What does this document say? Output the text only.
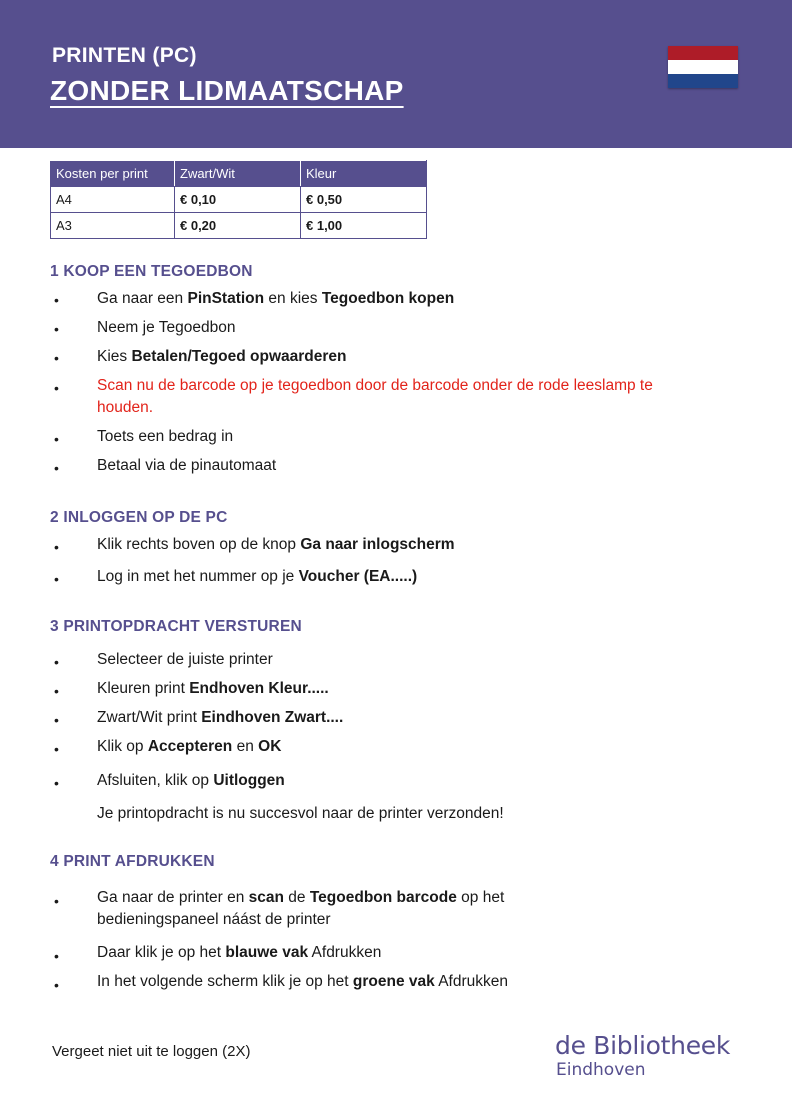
PRINTEN (PC)
ZONDER LIDMAATSCHAP
Kosten per print	Zwart/Wit	Kleur
A4	€ 0,10	€ 0,50
A3	€ 0,20	€ 1,00
1 KOOP EEN TEGOEDBON
• Ga naar een PinStation en kies Tegoedbon kopen

• Neem je Tegoedbon

• Kies Betalen/Tegoed opwaarderen

• Scan nu de barcode op je tegoedbon door de barcode onder de rode leeslamp te houden.

• Toets een bedrag in

• Betaal via de pinautomaat

2 INLOGGEN OP DE PC
• Klik rechts boven op de knop Ga naar inlogscherm

• Log in met het nummer op je Voucher (EA.....)

3 PRINTOPDRACHT VERSTUREN
• Selecteer de juiste printer

• Kleuren print Endhoven Kleur.....

• Zwart/Wit print Eindhoven Zwart....

• Klik op Accepteren en OK

• Afsluiten, klik op Uitloggen

Je printopdracht is nu succesvol naar de printer verzonden!

4 PRINT AFDRUKKEN
• Ga naar de printer en scan de Tegoedbon barcode op het bedieningspaneel náást de printer

• Daar klik je op het blauwe vak Afdrukken

• In het volgende scherm klik je op het groene vak Afdrukken

Vergeet niet uit te loggen (2X)	de Bibliotheek
Eindhoven
